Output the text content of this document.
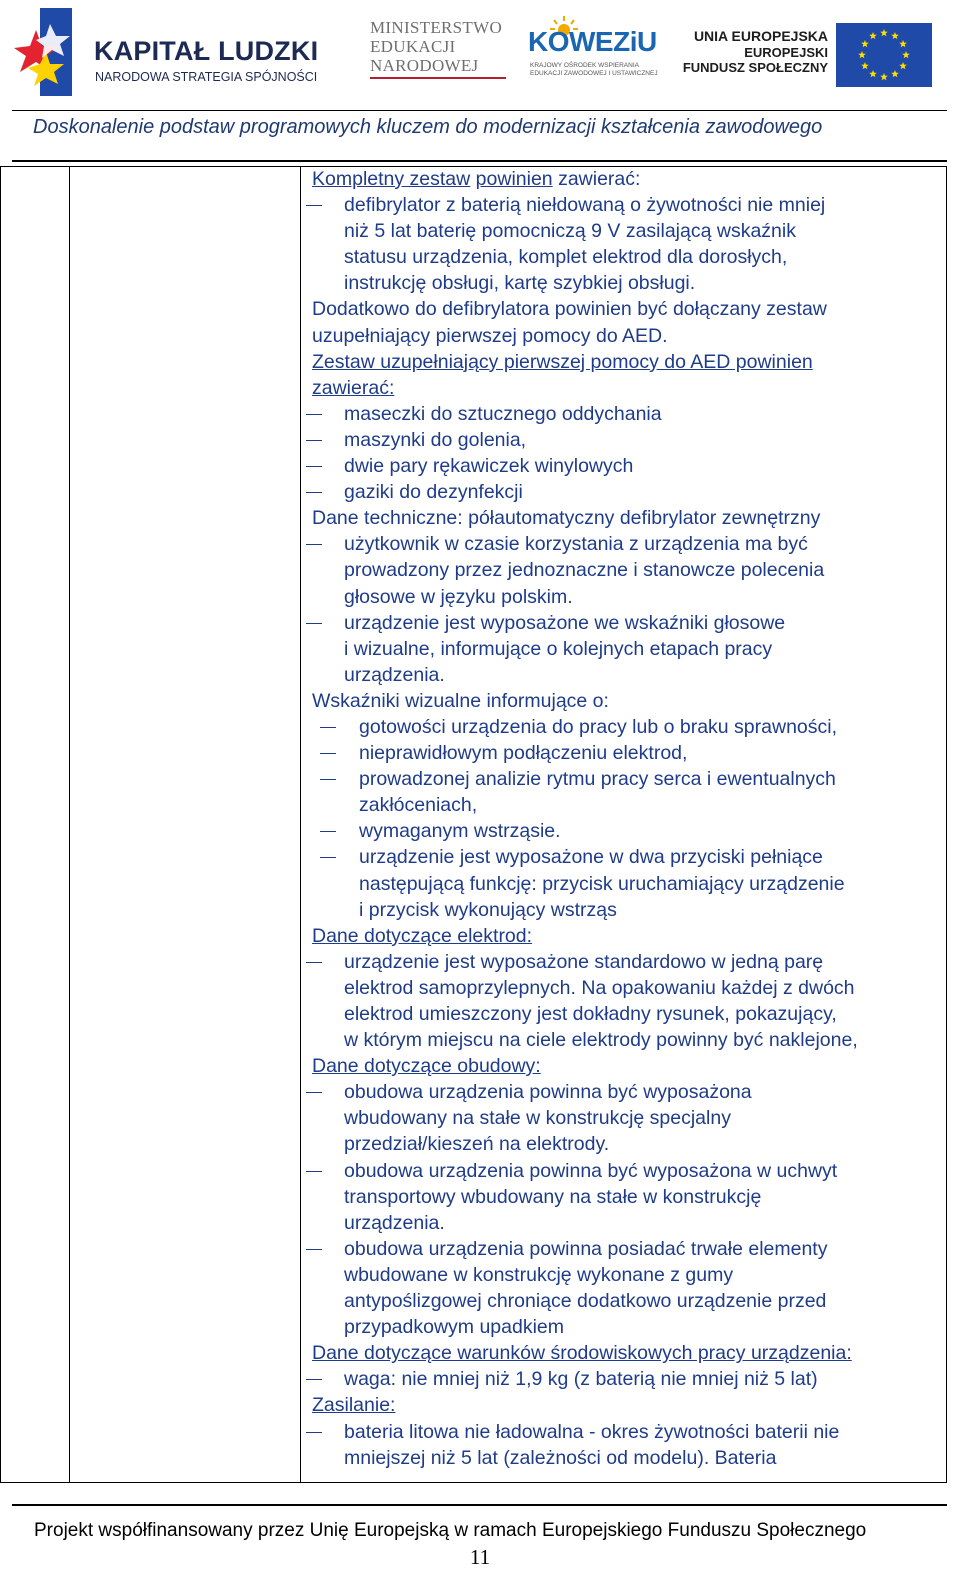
KAPITAŁ LUDZKI
NARODOWA STRATEGIA SPÓJNOŚCI
MINISTERSTWO
EDUKACJI
NARODOWEJ
KOWEZiU
KRAJOWY OŚRODEK WSPIERANIA
EDUKACJI ZAWODOWEJ I USTAWICZNEJ
UNIA EUROPEJSKA
EUROPEJSKI
FUNDUSZ SPOŁECZNY
Doskonalenie podstaw programowych kluczem do modernizacji kształcenia zawodowego
Kompletny zestaw powinien zawierać:
defibrylator z baterią niełdowaną o żywotności nie mniej
niż 5 lat baterię pomocniczą 9 V zasilającą wskaźnik
statusu urządzenia, komplet elektrod dla dorosłych,
instrukcję obsługi, kartę szybkiej obsługi.
Dodatkowo do defibrylatora powinien być dołączany zestaw
uzupełniający pierwszej pomocy do AED.
Zestaw uzupełniający pierwszej pomocy do AED powinien
zawierać:
maseczki do sztucznego oddychania
maszynki do golenia,
dwie pary rękawiczek winylowych
gaziki do dezynfekcji
Dane techniczne: półautomatyczny defibrylator zewnętrzny
użytkownik w czasie korzystania z urządzenia ma być
prowadzony przez jednoznaczne i stanowcze polecenia
głosowe w języku polskim.
urządzenie jest wyposażone we wskaźniki głosowe
i wizualne, informujące o kolejnych etapach pracy
urządzenia.
Wskaźniki wizualne informujące o:
gotowości urządzenia do pracy lub o braku sprawności,
nieprawidłowym podłączeniu elektrod,
prowadzonej analizie rytmu pracy serca i ewentualnych
zakłóceniach,
wymaganym wstrząsie.
urządzenie jest wyposażone w dwa przyciski pełniące
następującą funkcję: przycisk uruchamiający urządzenie
i przycisk wykonujący wstrząs
Dane dotyczące elektrod:
urządzenie jest wyposażone standardowo w jedną parę
elektrod samoprzylepnych. Na opakowaniu każdej z dwóch
elektrod umieszczony jest dokładny rysunek, pokazujący,
w którym miejscu na ciele elektrody powinny być naklejone,
Dane dotyczące obudowy:
obudowa urządzenia powinna być wyposażona
wbudowany na stałe w konstrukcję specjalny
przedział/kieszeń na elektrody.
obudowa urządzenia powinna być wyposażona w uchwyt
transportowy wbudowany na stałe w konstrukcję
urządzenia.
obudowa urządzenia powinna posiadać trwałe elementy
wbudowane w konstrukcję wykonane z gumy
antypoślizgowej chroniące dodatkowo urządzenie przed
przypadkowym upadkiem
Dane dotyczące warunków środowiskowych pracy urządzenia:
waga: nie mniej niż 1,9 kg (z baterią nie mniej niż 5 lat)
Zasilanie:
bateria litowa nie ładowalna - okres żywotności baterii nie
mniejszej niż 5 lat (zależności od modelu). Bateria
Projekt współfinansowany przez Unię Europejską w ramach Europejskiego Funduszu Społecznego
11
